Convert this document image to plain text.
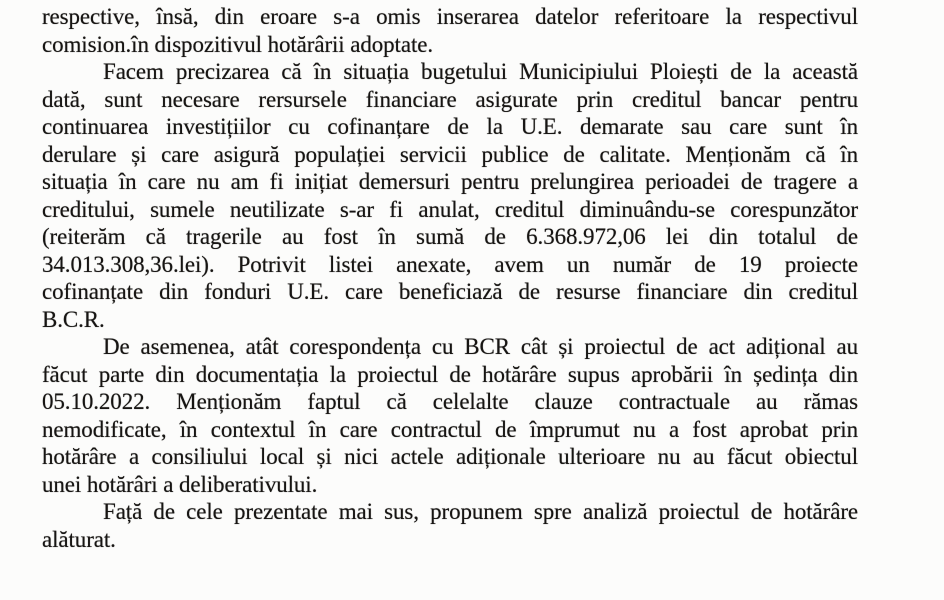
respective, însă, din eroare s-a omis inserarea datelor referitoare la respectivul
comision.în dispozitivul hotărârii adoptate.
Facem precizarea că în situația bugetului Municipiului Ploiești de la această
dată, sunt necesare rersursele financiare asigurate prin creditul bancar pentru
continuarea investițiilor cu cofinanțare de la U.E. demarate sau care sunt în
derulare și care asigură populației servicii publice de calitate. Menționăm că în
situația în care nu am fi inițiat demersuri pentru prelungirea perioadei de tragere a
creditului, sumele neutilizate s-ar fi anulat, creditul diminuându-se corespunzător
(reiterăm că tragerile au fost în sumă de 6.368.972,06 lei din totalul de
34.013.308,36.lei). Potrivit listei anexate, avem un număr de 19 proiecte
cofinanțate din fonduri U.E. care beneficiază de resurse financiare din creditul
B.C.R.
De asemenea, atât corespondența cu BCR cât și proiectul de act adițional au
făcut parte din documentația la proiectul de hotărâre supus aprobării în ședința din
05.10.2022. Menționăm faptul că celelalte clauze contractuale au rămas
nemodificate, în contextul în care contractul de împrumut nu a fost aprobat prin
hotărâre a consiliului local și nici actele adiționale ulterioare nu au făcut obiectul
unei hotărâri a deliberativului.
Față de cele prezentate mai sus, propunem spre analiză proiectul de hotărâre
alăturat.
